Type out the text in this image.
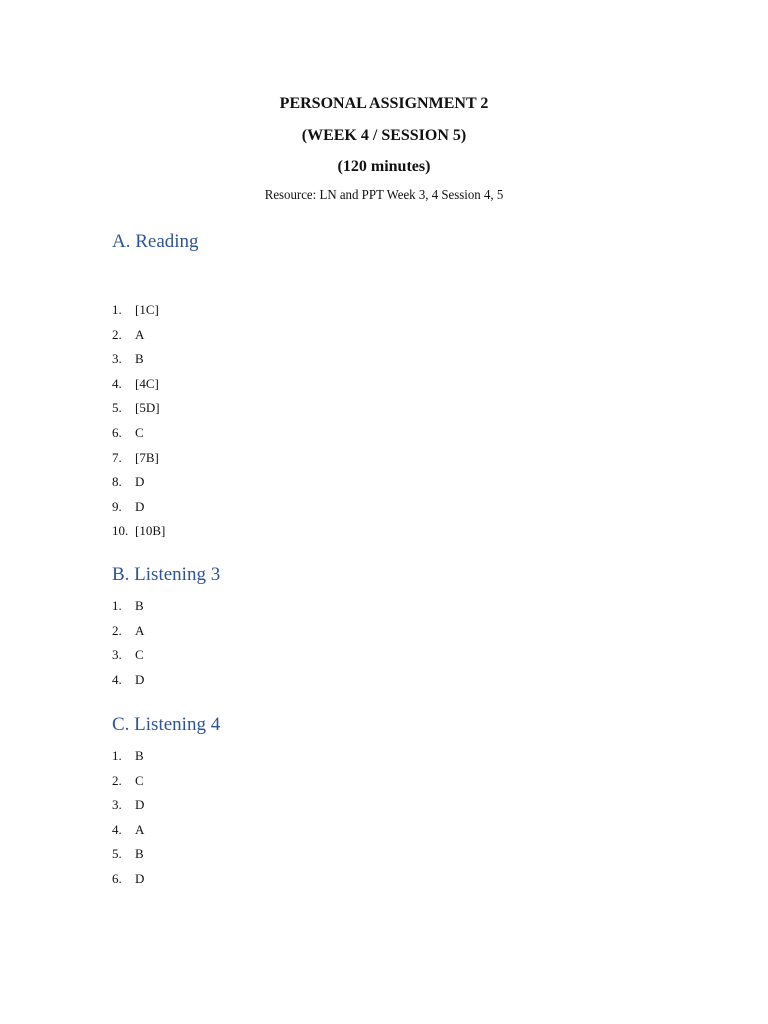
PERSONAL ASSIGNMENT 2
(WEEK 4 / SESSION 5)
(120 minutes)
Resource: LN and PPT Week 3, 4 Session 4, 5
A. Reading
1. [1C]
2. A
3. B
4. [4C]
5. [5D]
6. C
7. [7B]
8. D
9. D
10. [10B]
B. Listening 3
1. B
2. A
3. C
4. D
C. Listening 4
1. B
2. C
3. D
4. A
5. B
6. D
